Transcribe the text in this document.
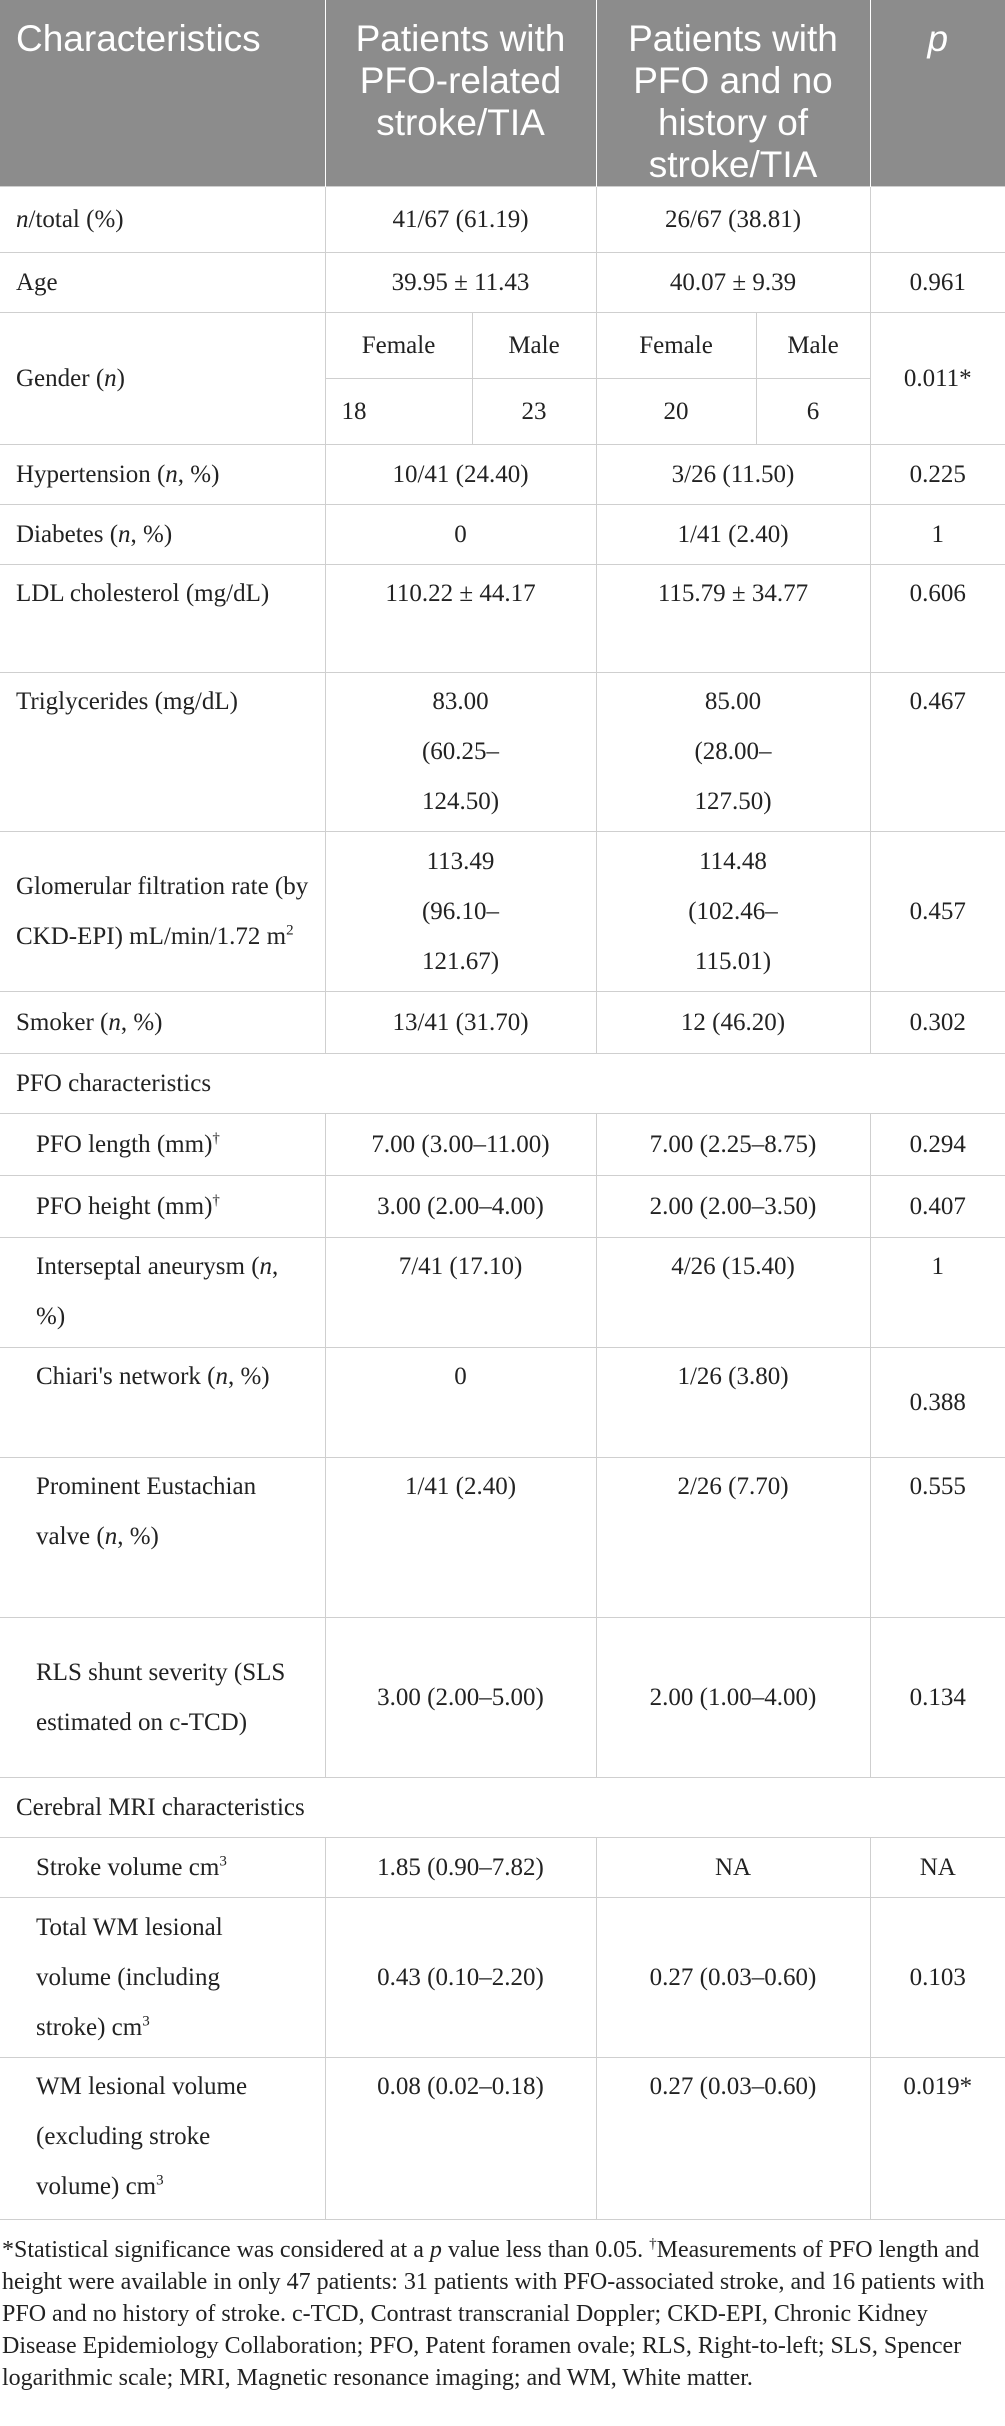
Characteristics	Patients with PFO-related stroke/TIA		Patients with PFO and no history of stroke/TIA		p
n/total (%)	41/67 (61.19)		26/67 (38.81)		
Age	39.95 ± 11.43		40.07 ± 9.39		0.961
Gender (n)	Female	Male	Female	Male	0.011*
	18	23	20	6	
Hypertension (n, %)	10/41 (24.40)		3/26 (11.50)		0.225
Diabetes (n, %)	0		1/41 (2.40)		1
LDL cholesterol (mg/dL)	110.22 ± 44.17		115.79 ± 34.77		0.606
Triglycerides (mg/dL)	83.00 (60.25–124.50)		85.00 (28.00–127.50)		0.467
Glomerular filtration rate (by CKD-EPI) mL/min/1.72 $m^2$	113.49 (96.10–121.67)		114.48 (102.46–115.01)		0.457
Smoker (n, %)	13/41 (31.70)		12 (46.20)		0.302
PFO characteristics					
PFO length (mm)†	7.00 (3.00–11.00)		7.00 (2.25–8.75)		0.294
PFO height (mm)†	3.00 (2.00–4.00)		2.00 (2.00–3.50)		0.407
Interseptal aneurysm (n, %)	7/41 (17.10)		4/26 (15.40)		1
Chiari's network (n, %)	0		1/26 (3.80)		0.388
Prominent Eustachian valve (n, %)	1/41 (2.40)		2/26 (7.70)		0.555
RLS shunt severity (SLS estimated on c-TCD)	3.00 (2.00–5.00)		2.00 (1.00–4.00)		0.134
Cerebral MRI characteristics					
Stroke volume $cm^3$	1.85 (0.90–7.82)		NA		NA
Total WM lesional volume (including stroke) $cm^3$	0.43 (0.10–2.20)		0.27 (0.03–0.60)		0.103
WM lesional volume (excluding stroke volume) $cm^3$	0.08 (0.02–0.18)		0.27 (0.03–0.60)		0.019*
*Statistical significance was considered at a p value less than 0.05. †Measurements of PFO length and height were available in only 47 patients: 31 patients with PFO-associated stroke, and 16 patients with PFO and no history of stroke. c-TCD, Contrast transcranial Doppler; CKD-EPI, Chronic Kidney Disease Epidemiology Collaboration; PFO, Patent foramen ovale; RLS, Right-to-left; SLS, Spencer logarithmic scale; MRI, Magnetic resonance imaging; and WM, White matter.
